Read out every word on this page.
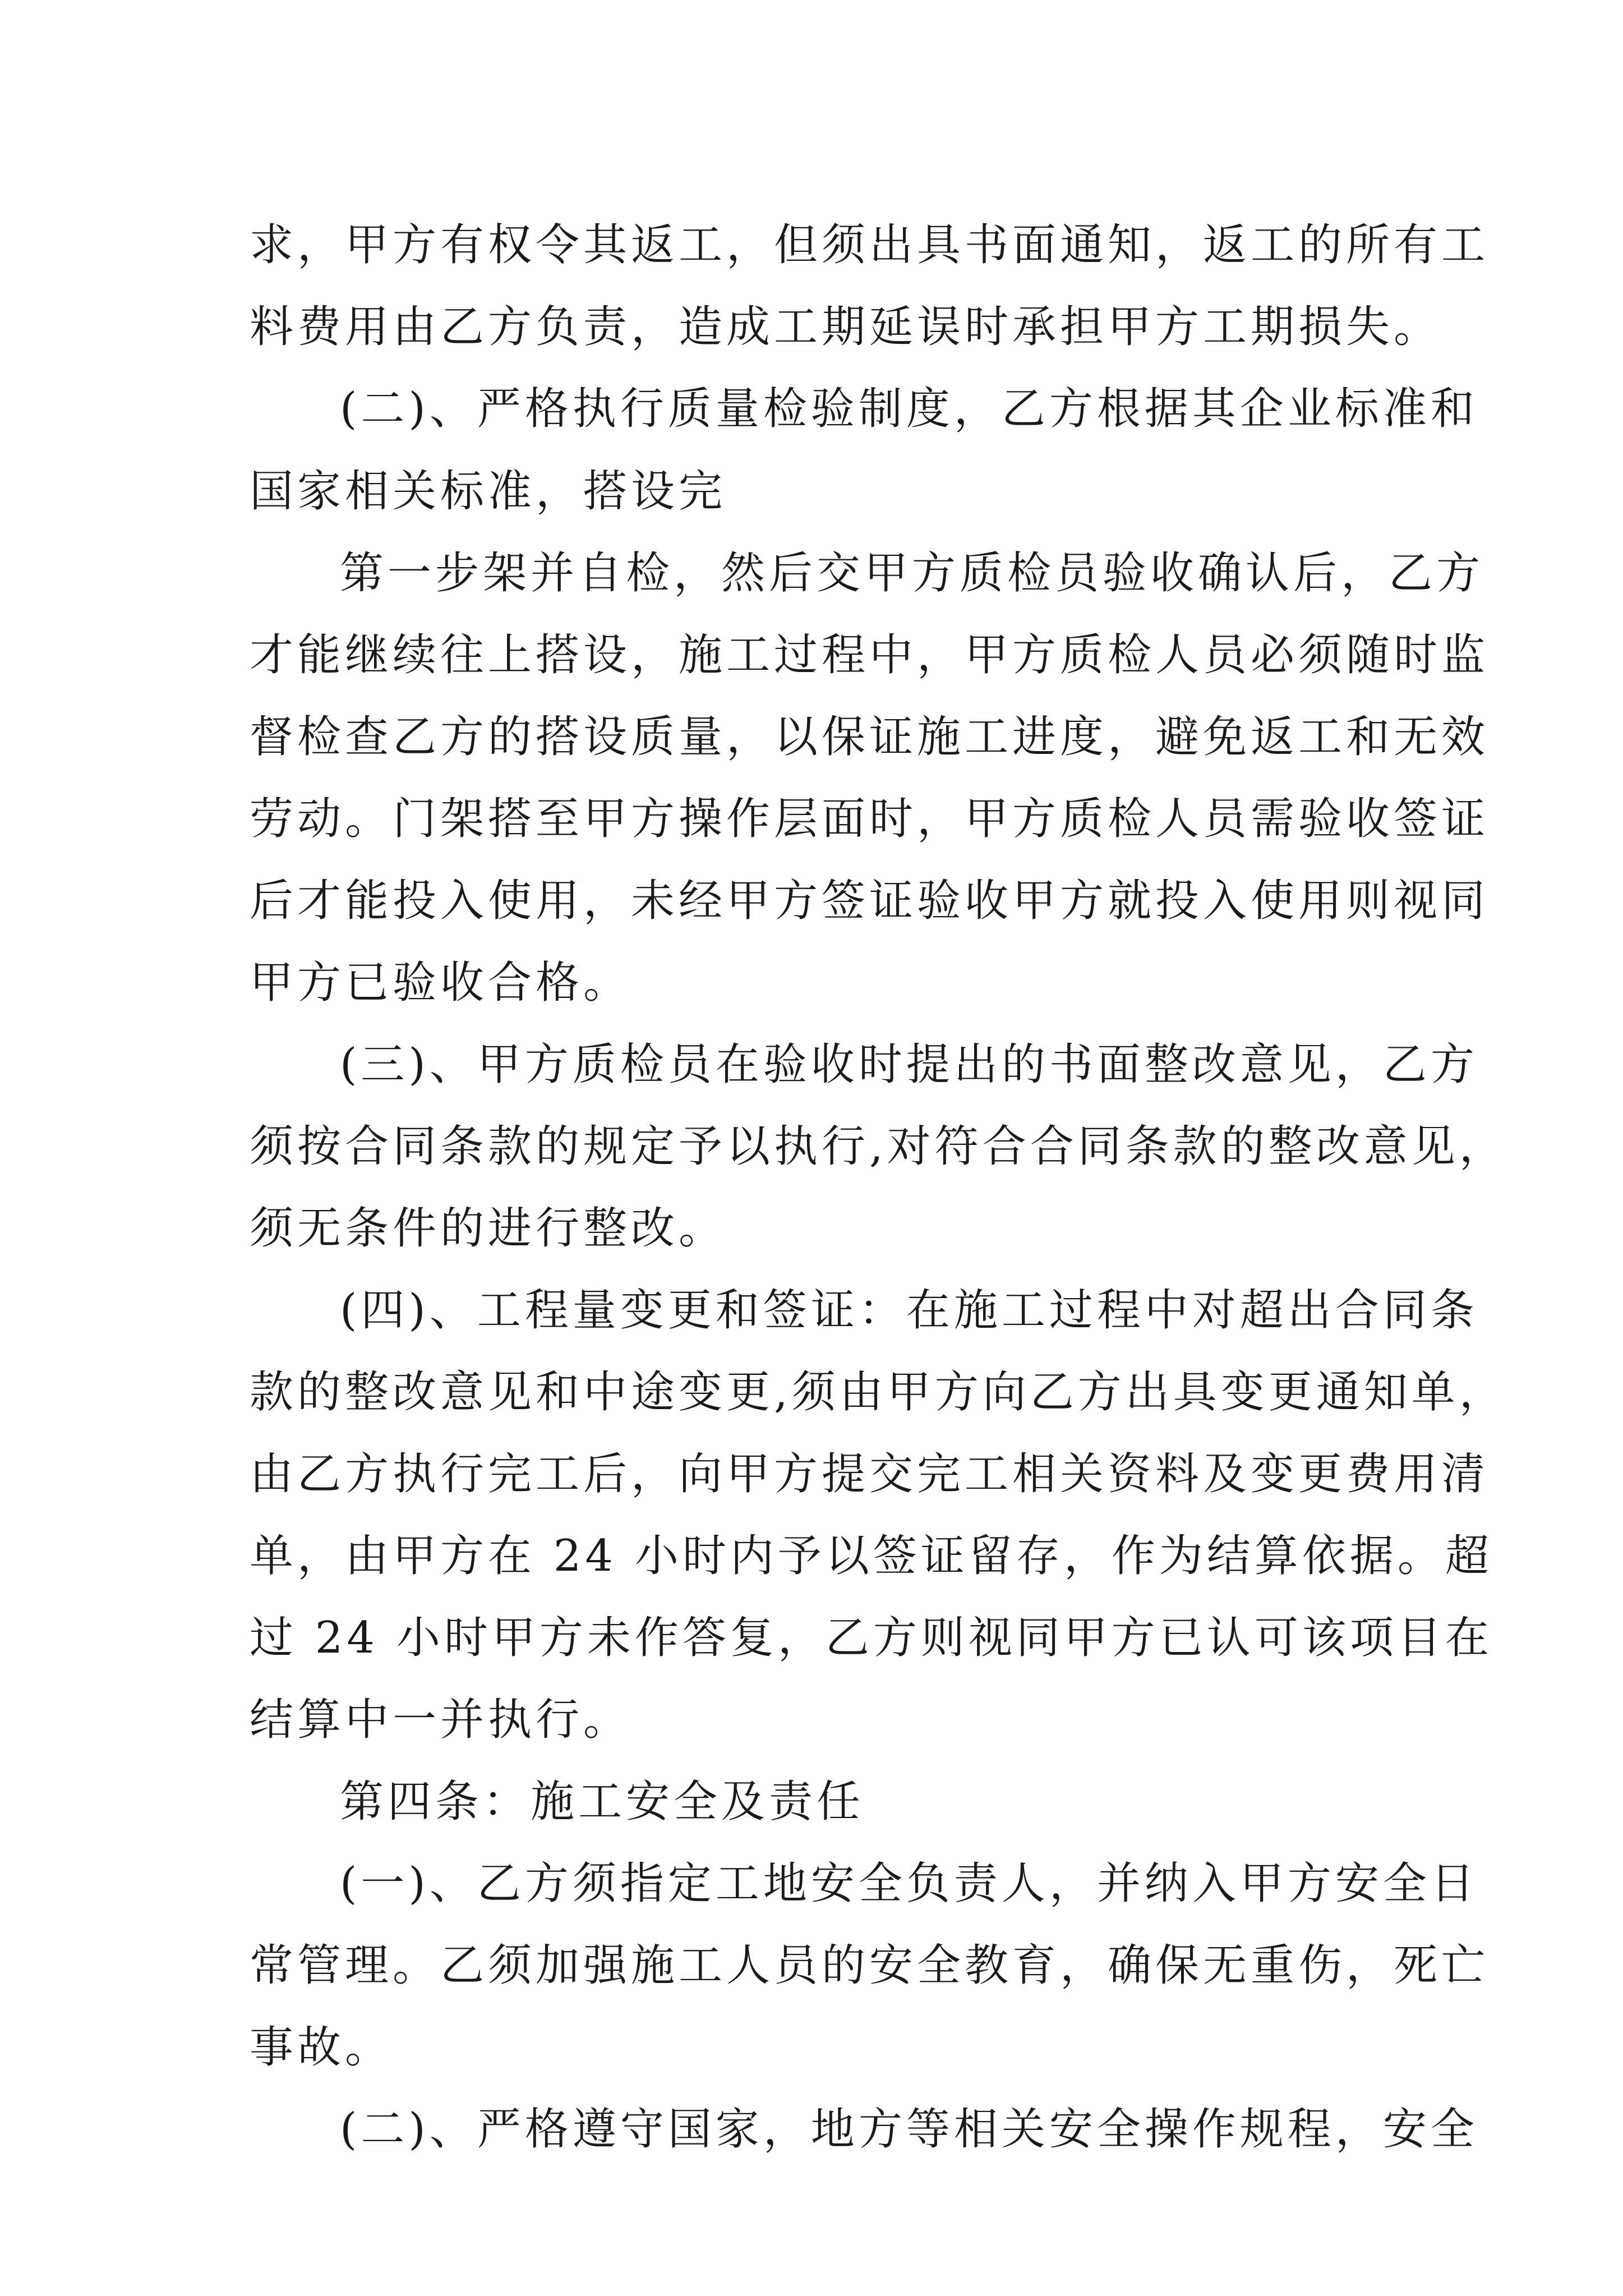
求，甲方有权令其返工，但须出具书面通知，返工的所有工
料费用由乙方负责，造成工期延误时承担甲方工期损失。
(二)、严格执行质量检验制度，乙方根据其企业标准和
国家相关标准，搭设完
第一步架并自检，然后交甲方质检员验收确认后，乙方
才能继续往上搭设，施工过程中，甲方质检人员必须随时监
督检查乙方的搭设质量，以保证施工进度，避免返工和无效
劳动。门架搭至甲方操作层面时，甲方质检人员需验收签证
后才能投入使用，未经甲方签证验收甲方就投入使用则视同
甲方已验收合格。
(三)、甲方质检员在验收时提出的书面整改意见，乙方
须按合同条款的规定予以执行,对符合合同条款的整改意见，
须无条件的进行整改。
(四)、工程量变更和签证：在施工过程中对超出合同条
款的整改意见和中途变更,须由甲方向乙方出具变更通知单，
由乙方执行完工后，向甲方提交完工相关资料及变更费用清
单，由甲方在 24 小时内予以签证留存，作为结算依据。超
过 24 小时甲方未作答复，乙方则视同甲方已认可该项目在
结算中一并执行。
第四条：施工安全及责任
(一)、乙方须指定工地安全负责人，并纳入甲方安全日
常管理。乙须加强施工人员的安全教育，确保无重伤，死亡
事故。
(二)、严格遵守国家，地方等相关安全操作规程，安全
